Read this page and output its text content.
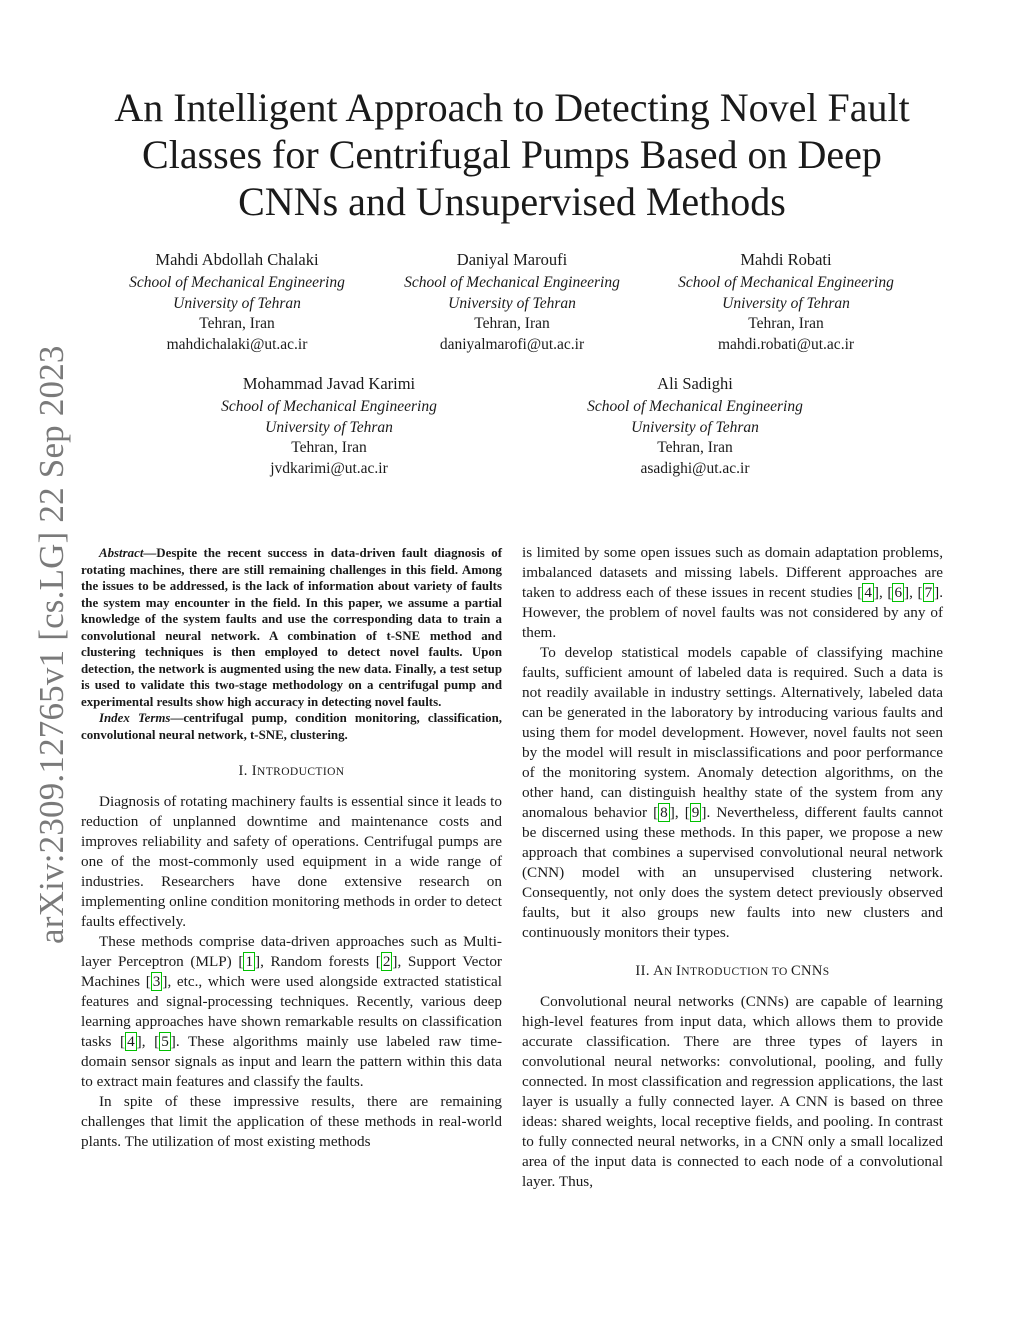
arXiv:2309.12765v1 [cs.LG] 22 Sep 2023
An Intelligent Approach to Detecting Novel Fault
Classes for Centrifugal Pumps Based on Deep
CNNs and Unsupervised Methods
Mahdi Abdollah Chalaki
School of Mechanical Engineering
University of Tehran
Tehran, Iran
mahdichalaki@ut.ac.ir
Daniyal Maroufi
School of Mechanical Engineering
University of Tehran
Tehran, Iran
daniyalmarofi@ut.ac.ir
Mahdi Robati
School of Mechanical Engineering
University of Tehran
Tehran, Iran
mahdi.robati@ut.ac.ir
Mohammad Javad Karimi
School of Mechanical Engineering
University of Tehran
Tehran, Iran
jvdkarimi@ut.ac.ir
Ali Sadighi
School of Mechanical Engineering
University of Tehran
Tehran, Iran
asadighi@ut.ac.ir

Abstract—Despite the recent success in data-driven fault diagnosis of rotating machines, there are still remaining challenges in this field. Among the issues to be addressed, is the lack of information about variety of faults the system may encounter in the field. In this paper, we assume a partial knowledge of the system faults and use the corresponding data to train a convolutional neural network. A combination of t-SNE method and clustering techniques is then employed to detect novel faults. Upon detection, the network is augmented using the new data. Finally, a test setup is used to validate this two-stage methodology on a centrifugal pump and experimental results show high accuracy in detecting novel faults.

Index Terms—centrifugal pump, condition monitoring, classification, convolutional neural network, t-SNE, clustering.

I. INTRODUCTION

Diagnosis of rotating machinery faults is essential since it leads to reduction of unplanned downtime and maintenance costs and improves reliability and safety of operations. Centrifugal pumps are one of the most-commonly used equipment in a wide range of industries. Researchers have done extensive research on implementing online condition monitoring methods in order to detect faults effectively.

These methods comprise data-driven approaches such as Multi-layer Perceptron (MLP) [ 1 ], Random forests [ 2 ], Support Vector Machines [ 3 ], etc., which were used alongside extracted statistical features and signal-processing techniques. Recently, various deep learning approaches have shown remarkable results on classification tasks [ 4 ], [ 5 ]. These algorithms mainly use labeled raw time-domain sensor signals as input and learn the pattern within this data to extract main features and classify the faults.

In spite of these impressive results, there are remaining challenges that limit the application of these methods in real-world plants. The utilization of most existing methods

is limited by some open issues such as domain adaptation problems, imbalanced datasets and missing labels. Different approaches are taken to address each of these issues in recent studies [ 4 ], [ 6 ], [ 7 ]. However, the problem of novel faults was not considered by any of them.

To develop statistical models capable of classifying machine faults, sufficient amount of labeled data is required. Such a data is not readily available in industry settings. Alternatively, labeled data can be generated in the laboratory by introducing various faults and using them for model development. However, novel faults not seen by the model will result in misclassifications and poor performance of the monitoring system. Anomaly detection algorithms, on the other hand, can distinguish healthy state of the system from any anomalous behavior [ 8 ], [ 9 ]. Nevertheless, different faults cannot be discerned using these methods. In this paper, we propose a new approach that combines a supervised convolutional neural network (CNN) model with an unsupervised clustering network. Consequently, not only does the system detect previously observed faults, but it also groups new faults into new clusters and continuously monitors their types.

II. AN INTRODUCTION TO CNNS

Convolutional neural networks (CNNs) are capable of learning high-level features from input data, which allows them to provide accurate classification. There are three types of layers in convolutional neural networks: convolutional, pooling, and fully connected. In most classification and regression applications, the last layer is usually a fully connected layer. A CNN is based on three ideas: shared weights, local receptive fields, and pooling. In contrast to fully connected neural networks, in a CNN only a small localized area of the input data is connected to each node of a convolutional layer. Thus,
